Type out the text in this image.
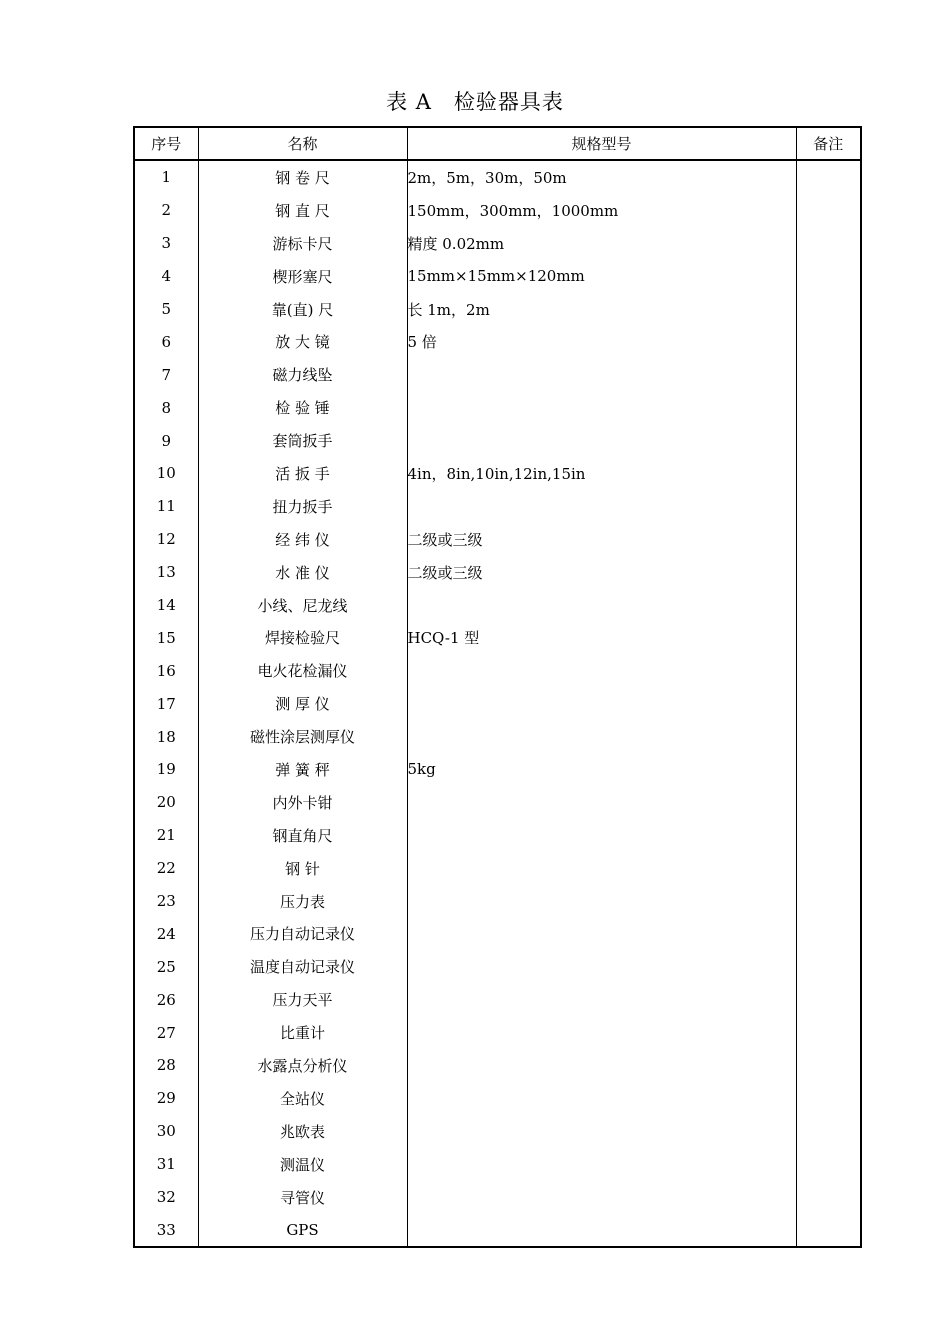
表 A 检验器具表
序号	名称	规格型号	备注
1	钢 卷 尺	2m，5m，30m，50m	
2	钢 直 尺	150mm，300mm，1000mm	
3	游标卡尺	精度 0.02mm	
4	楔形塞尺	15mm×15mm×120mm	
5	靠(直) 尺	长 1m，2m	
6	放 大 镜	5 倍	
7	磁力线坠		
8	检 验 锤		
9	套筒扳手		
10	活 扳 手	4in，8in,10in,12in,15in	
11	扭力扳手		
12	经 纬 仪	二级或三级	
13	水 准 仪	二级或三级	
14	小线、尼龙线		
15	焊接检验尺	HCQ-1 型	
16	电火花检漏仪		
17	测 厚 仪		
18	磁性涂层测厚仪		
19	弹 簧 秤	5kg	
20	内外卡钳		
21	钢直角尺		
22	钢 针		
23	压力表		
24	压力自动记录仪		
25	温度自动记录仪		
26	压力天平		
27	比重计		
28	水露点分析仪		
29	全站仪		
30	兆欧表		
31	测温仪		
32	寻管仪		
33	GPS		
